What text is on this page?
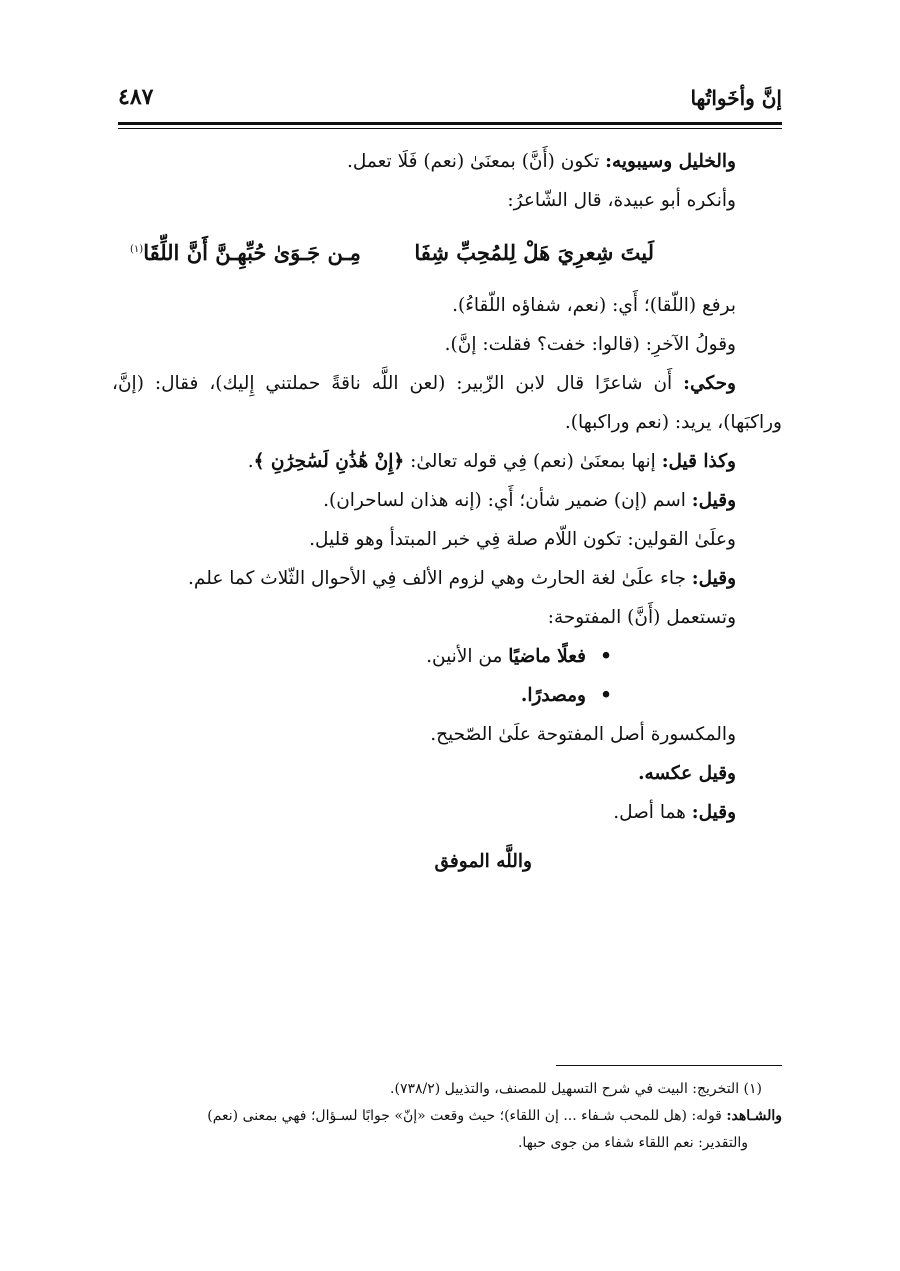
إنَّ وأخَواتُها
٤٨٧

والخليل وسيبويه: تكون (أَنَّ) بمعنَىٰ (نعم) فَلَا تعمل.

وأنكره أبو عبيدة، قال الشّاعرُ:

لَيتَ شِعرِيَ هَلْ لِلمُحِبِّ شِفَا
مِـن جَـوَىٰ حُبِّهِـنَّ أَنَّ اللِّقَا$^{(١)}$

برفع (اللّقا)؛ أَي: (نعم، شفاؤه اللّقاءُ).

وقولُ الآخرِ: (قالوا: خفت؟ فقلت: إنَّ).

وحكي: أَن شاعرًا قال لابن الزّبير: (لعن اللَّه ناقةً حملتني إِليك)، فقال: (إنَّ، وراكبَها)، يريد: (نعم وراكبها).

وكذا قيل: إنها بمعنَىٰ (نعم) فِي قوله تعالىٰ: ﴿إِنْ هَٰذَٰنِ لَسَٰحِرَٰنِ ﴾.

وقيل: اسم (إن) ضمير شأن؛ أَي: (إنه هذان لساحران).

وعلَىٰ القولين: تكون اللّام صلة فِي خبر المبتدأ وهو قليل.

وقيل: جاء علَىٰ لغة الحارث وهي لزوم الألف فِي الأحوال الثّلاث كما علم.

وتستعمل (أَنَّ) المفتوحة:

•
فعلًا ماضيًا من الأنين.
•
ومصدرًا.

والمكسورة أصل المفتوحة علَىٰ الصّحيح.

وقيل عكسه.

وقيل: هما أصل.

واللَّه الموفق

(١) التخريج: البيت في شرح التسهيل للمصنف، والتذييل (٧٣٨/٢).

والشـاهد: قوله: (هل للمحب شـفاء ... إن اللقاء)؛ حيث وقعت «إنّ» جوابًا لسـؤال؛ فهي بمعنى (نعم)

والتقدير: نعم اللقاء شفاء من جوى حبها.
